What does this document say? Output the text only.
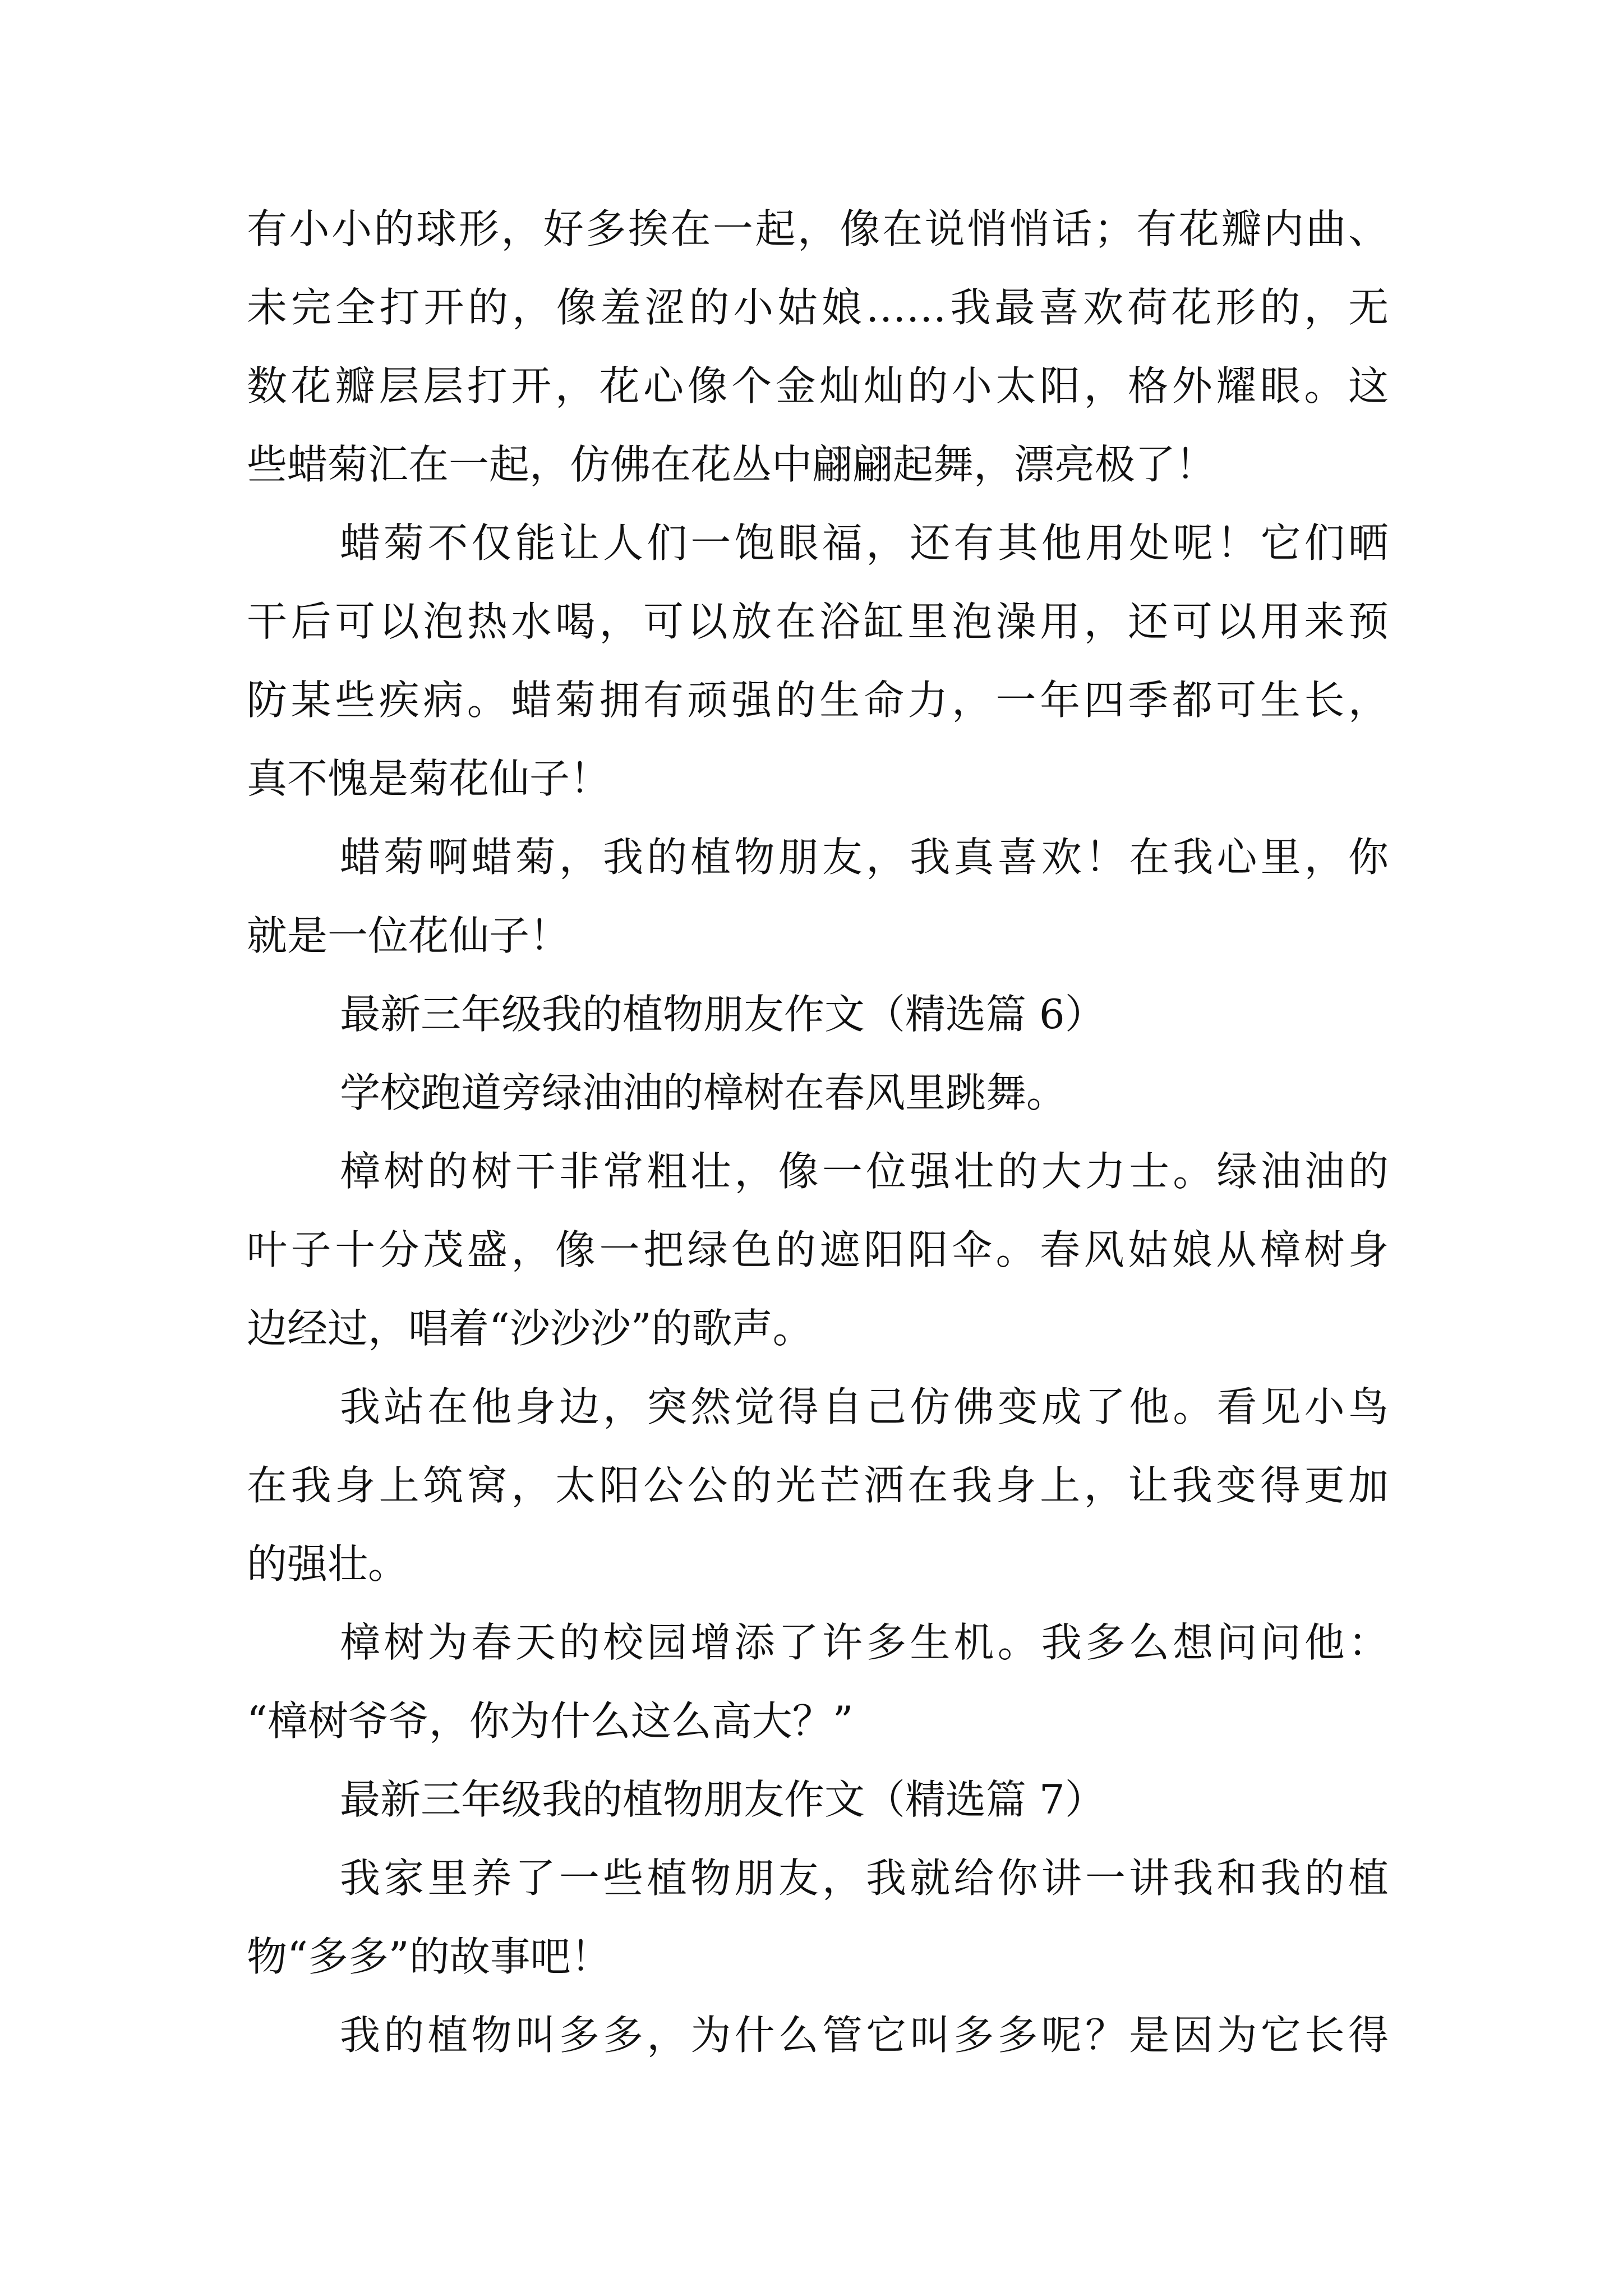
有小小的球形，好多挨在一起，像在说悄悄话；有花瓣内曲、
未完全打开的，像羞涩的小姑娘……我最喜欢荷花形的，无
数花瓣层层打开，花心像个金灿灿的小太阳，格外耀眼。这
些蜡菊汇在一起，仿佛在花丛中翩翩起舞，漂亮极了！
蜡菊不仅能让人们一饱眼福，还有其他用处呢！它们晒
干后可以泡热水喝，可以放在浴缸里泡澡用，还可以用来预
防某些疾病。蜡菊拥有顽强的生命力，一年四季都可生长，
真不愧是菊花仙子！
蜡菊啊蜡菊，我的植物朋友，我真喜欢！在我心里，你
就是一位花仙子！
最新三年级我的植物朋友作文（精选篇 6）
学校跑道旁绿油油的樟树在春风里跳舞。
樟树的树干非常粗壮，像一位强壮的大力士。绿油油的
叶子十分茂盛，像一把绿色的遮阳阳伞。春风姑娘从樟树身
边经过，唱着“沙沙沙”的歌声。
我站在他身边，突然觉得自己仿佛变成了他。看见小鸟
在我身上筑窝，太阳公公的光芒洒在我身上，让我变得更加
的强壮。
樟树为春天的校园增添了许多生机。我多么想问问他：
“樟树爷爷，你为什么这么高大？”
最新三年级我的植物朋友作文（精选篇 7）
我家里养了一些植物朋友，我就给你讲一讲我和我的植
物“多多”的故事吧！
我的植物叫多多，为什么管它叫多多呢？是因为它长得
